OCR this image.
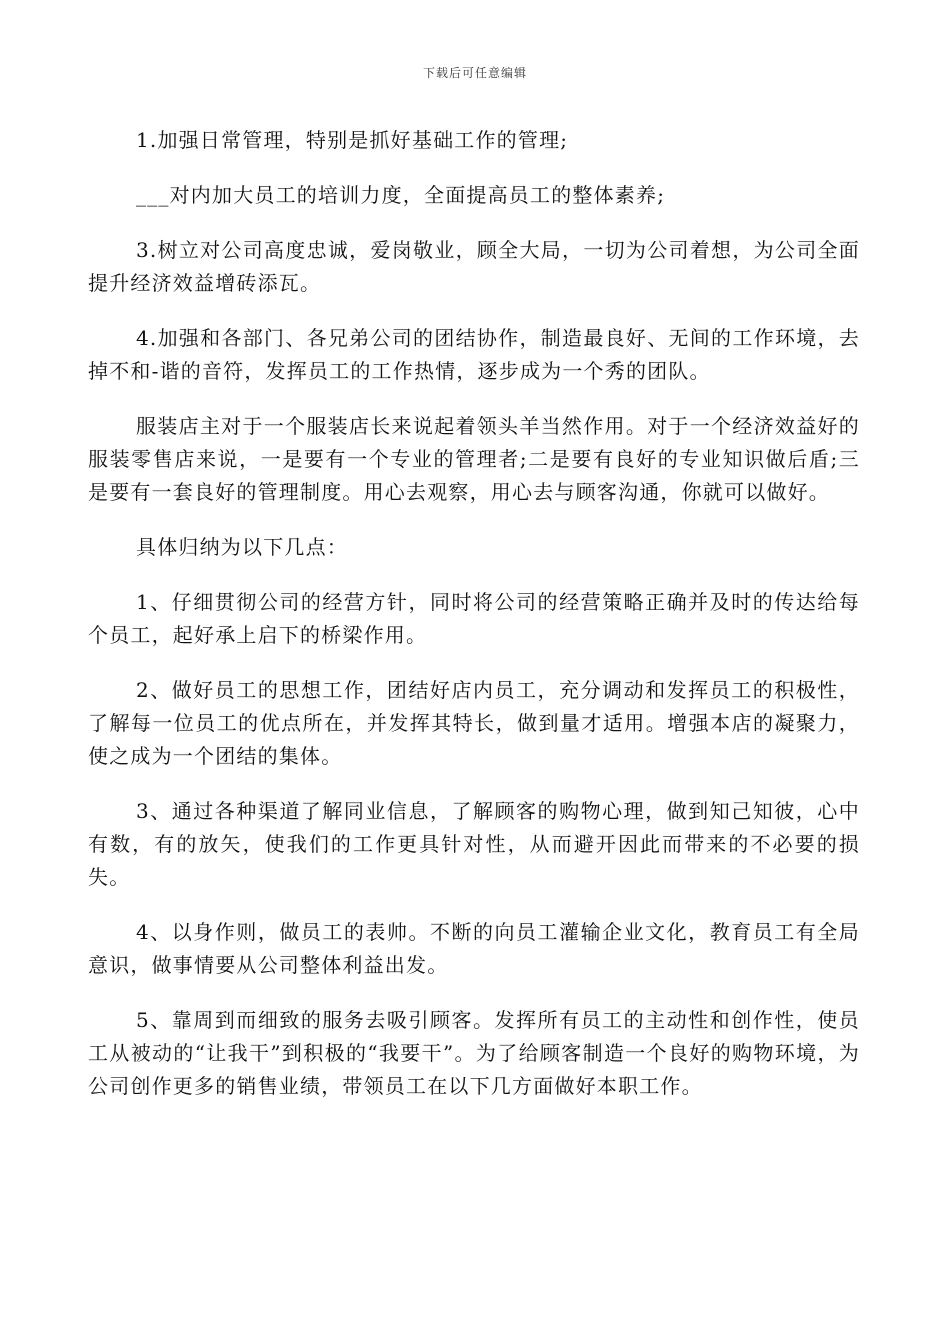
下载后可任意编辑

1.加强日常管理，特别是抓好基础工作的管理;

___对内加大员工的培训力度，全面提高员工的整体素养;

3.树立对公司高度忠诚，爱岗敬业，顾全大局，一切为公司着想，为公司全面提升经济效益增砖添瓦。

4.加强和各部门、各兄弟公司的团结协作，制造最良好、无间的工作环境，去掉不和-谐的音符，发挥员工的工作热情，逐步成为一个秀的团队。

服装店主对于一个服装店长来说起着领头羊当然作用。对于一个经济效益好的服装零售店来说，一是要有一个专业的管理者;二是要有良好的专业知识做后盾;三是要有一套良好的管理制度。用心去观察，用心去与顾客沟通，你就可以做好。

具体归纳为以下几点：

1、仔细贯彻公司的经营方针，同时将公司的经营策略正确并及时的传达给每个员工，起好承上启下的桥梁作用。

2、做好员工的思想工作，团结好店内员工，充分调动和发挥员工的积极性，了解每一位员工的优点所在，并发挥其特长，做到量才适用。增强本店的凝聚力，使之成为一个团结的集体。

3、通过各种渠道了解同业信息，了解顾客的购物心理，做到知己知彼，心中有数，有的放矢，使我们的工作更具针对性，从而避开因此而带来的不必要的损失。

4、以身作则，做员工的表帅。不断的向员工灌输企业文化，教育员工有全局意识，做事情要从公司整体利益出发。

5、靠周到而细致的服务去吸引顾客。发挥所有员工的主动性和创作性，使员工从被动的“让我干”到积极的“我要干”。为了给顾客制造一个良好的购物环境，为公司创作更多的销售业绩，带领员工在以下几方面做好本职工作。
